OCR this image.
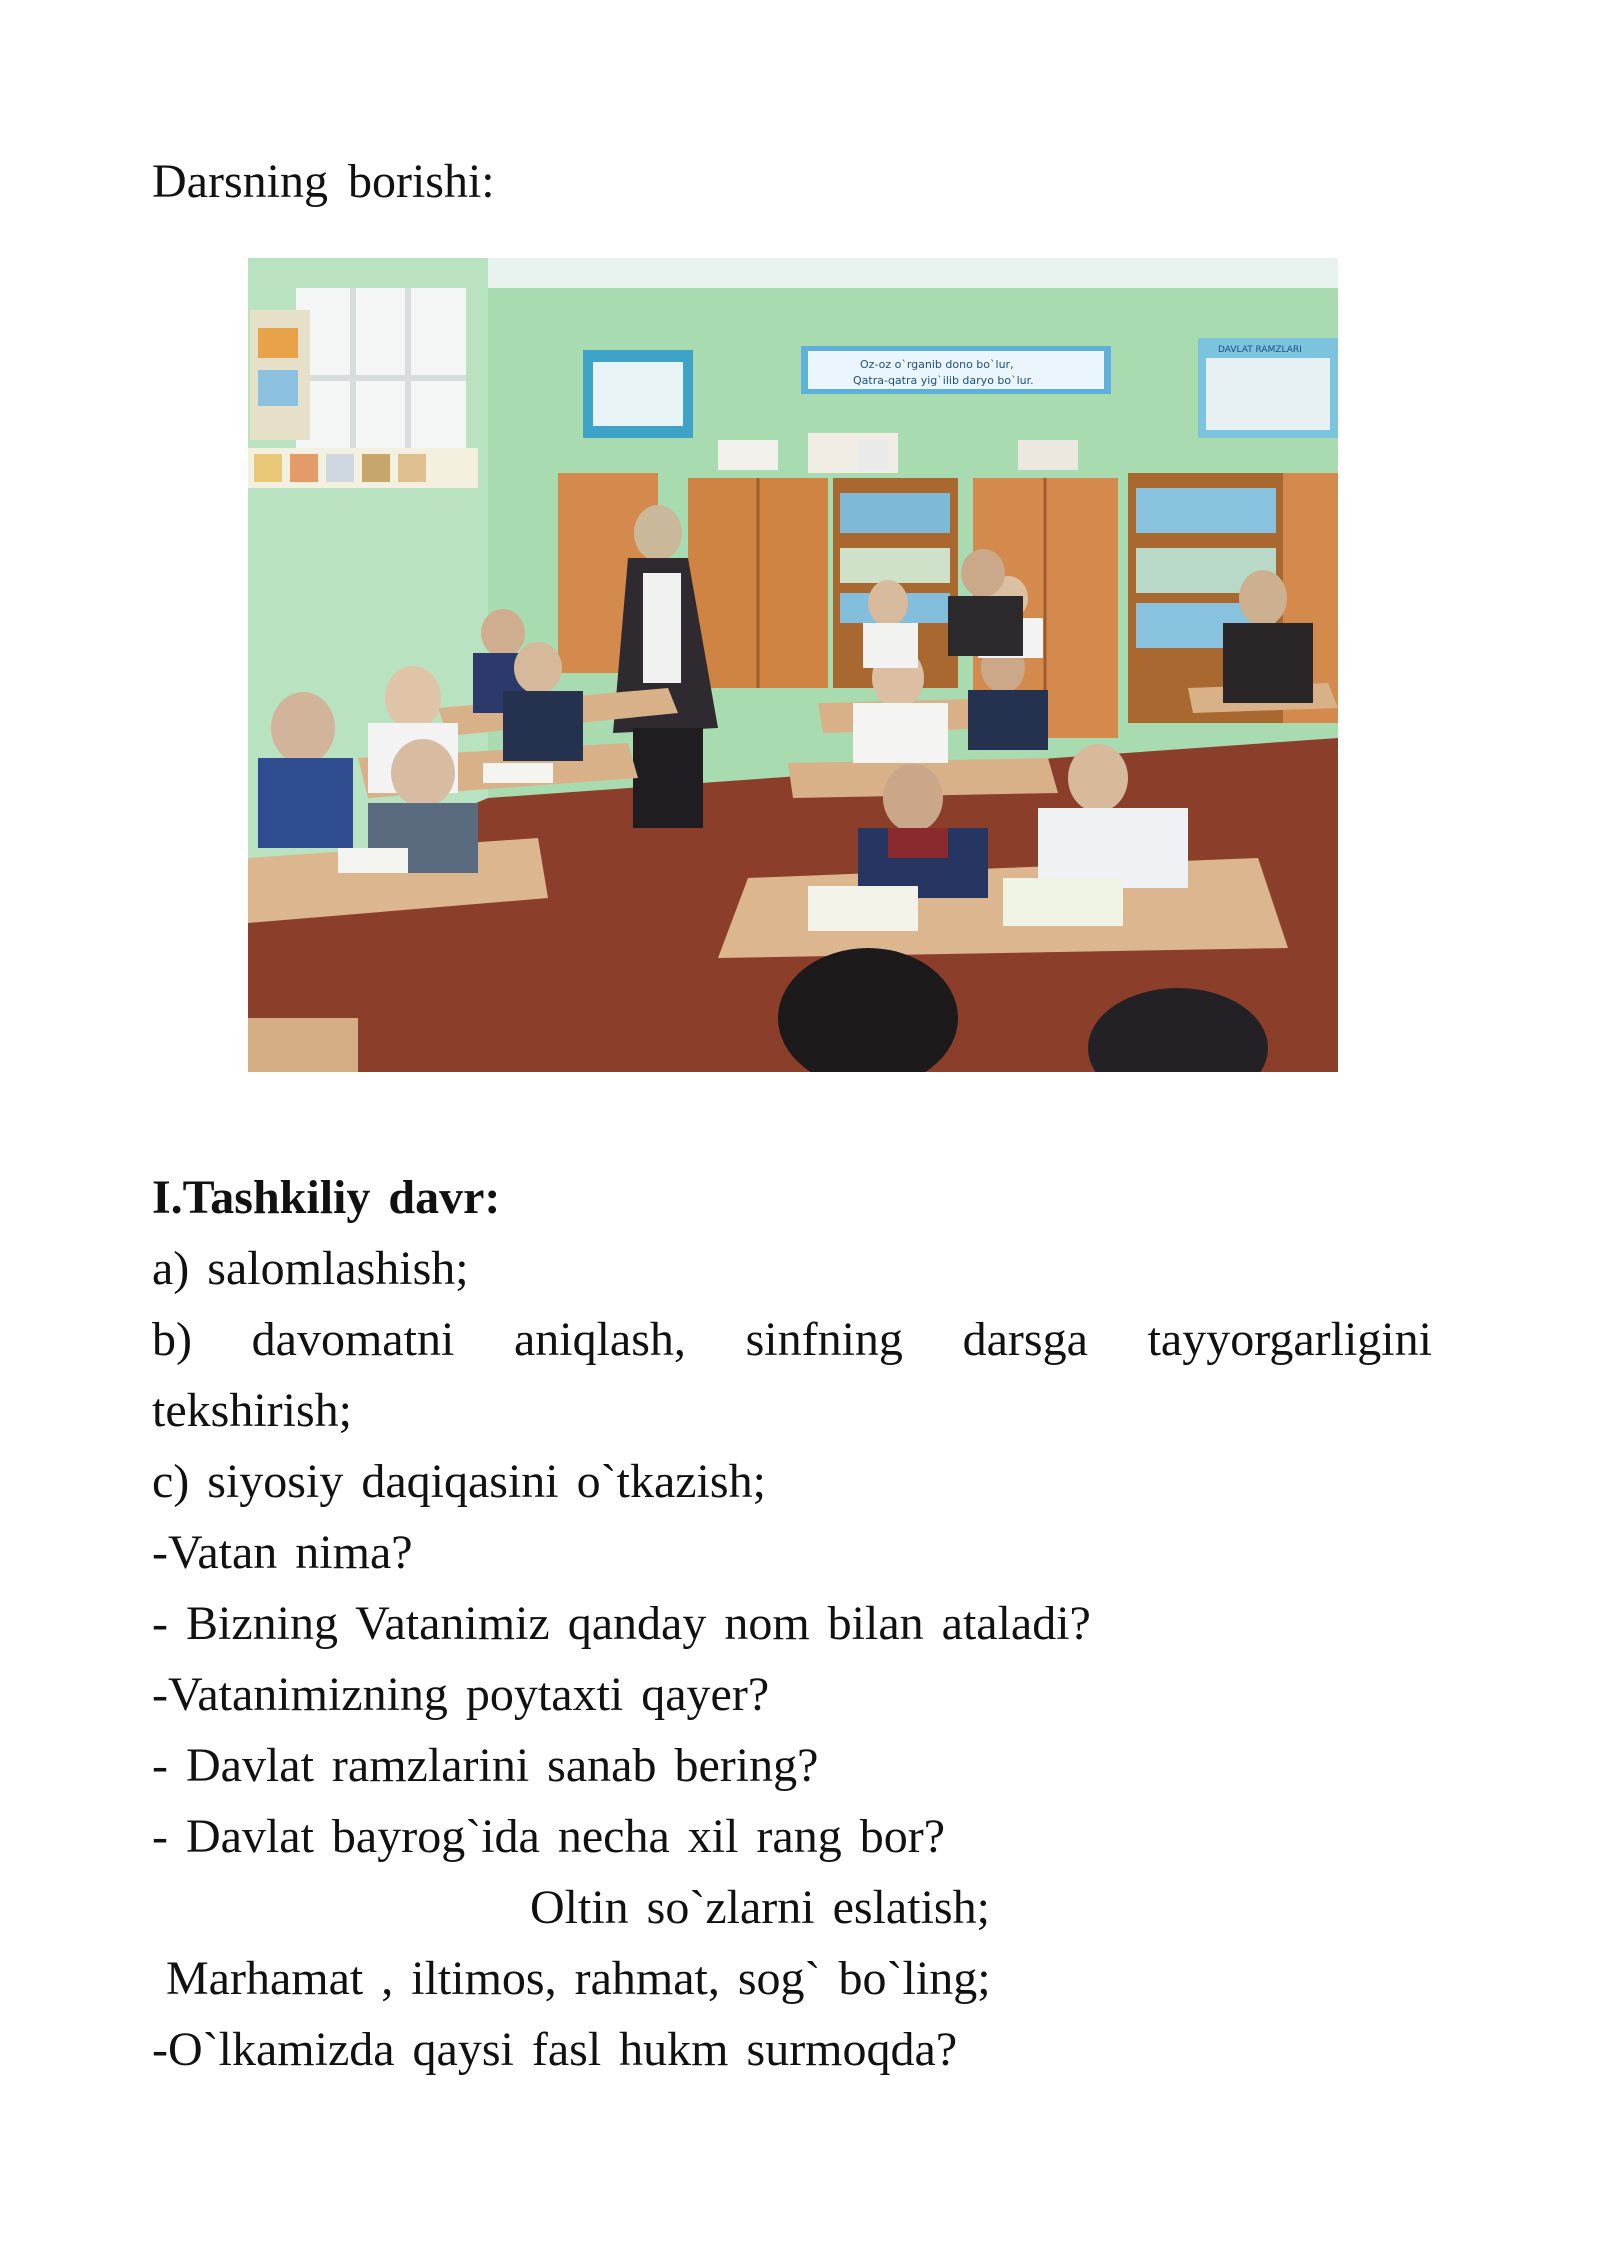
Darsning borishi:
Oz-oz o`rganib dono bo`lur,
Qatra-qatra yig`ilib daryo bo`lur.
DAVLAT RAMZLARI
I.Tashkiliy davr:
a) salomlashish;
b) davomatni aniqlash, sinfning darsga tayyorgarligini
tekshirish;
c) siyosiy daqiqasini o`tkazish;
-Vatan nima?
- Bizning Vatanimiz qanday nom bilan ataladi?
-Vatanimizning poytaxti qayer?
- Davlat ramzlarini sanab bering?
- Davlat bayrog`ida necha xil rang bor?
Oltin so`zlarni eslatish;
Marhamat , iltimos, rahmat, sog` bo`ling;
-O`lkamizda qaysi fasl hukm surmoqda?
